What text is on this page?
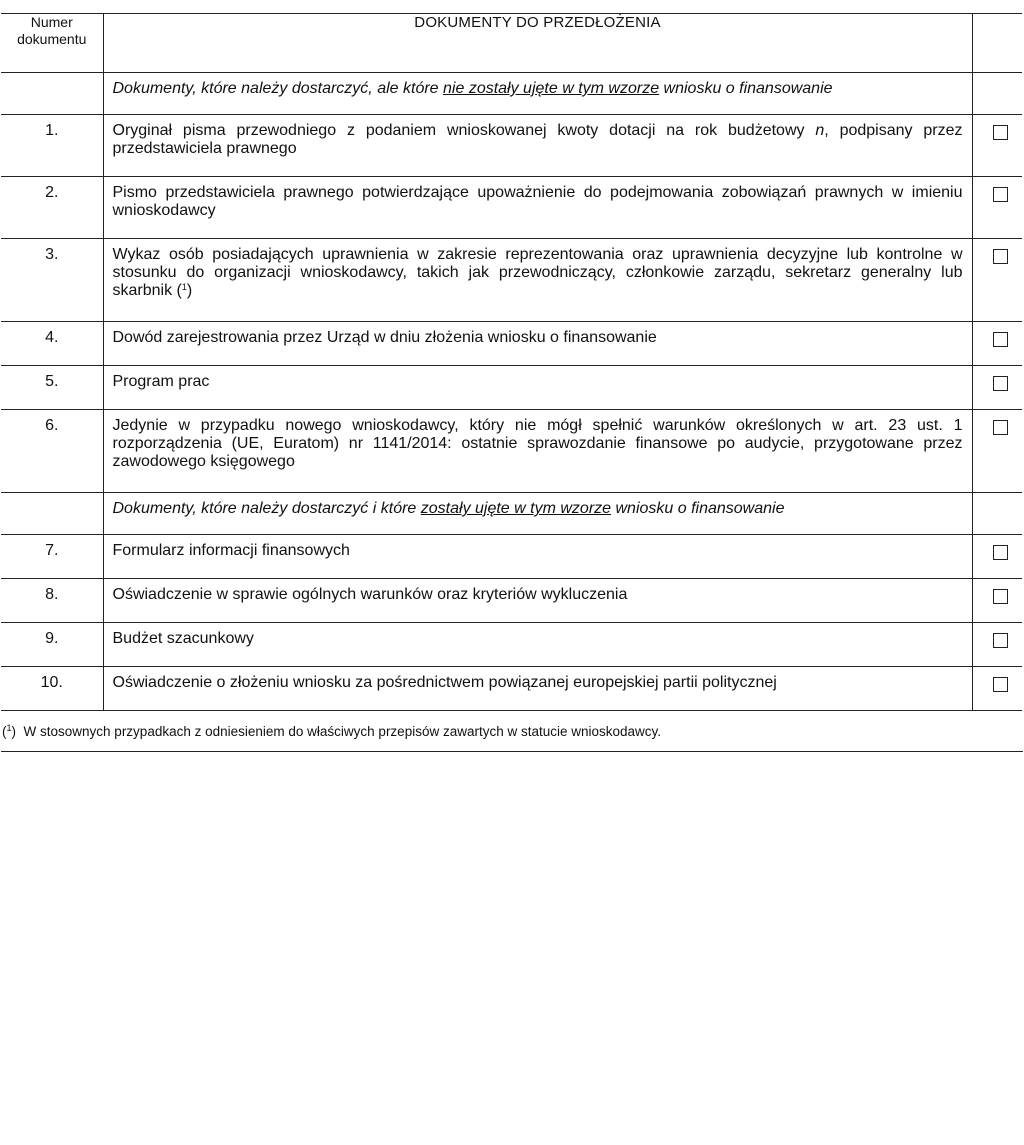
Numer
dokumentu	DOKUMENTY DO PRZEDŁOŻENIA	
	Dokumenty, które należy dostarczyć, ale które nie zostały ujęte w tym wzorze wniosku o finansowanie	
1.	Oryginał pisma przewodniego z podaniem wnioskowanej kwoty dotacji na rok budżetowy n, podpisany przez przedstawiciela prawnego	

2.	Pismo przedstawiciela prawnego potwierdzające upoważnienie do podejmowania zobowiązań prawnych w imieniu wnioskodawcy	

3.	Wykaz osób posiadających uprawnienia w zakresie reprezentowania oraz uprawnienia decyzyjne lub kontrolne w stosunku do organizacji wnioskodawcy, takich jak przewodniczący, członkowie zarządu, sekretarz generalny lub skarbnik ($^1$)	

4.	Dowód zarejestrowania przez Urząd w dniu złożenia wniosku o finansowanie	

5.	Program prac	

6.	Jedynie w przypadku nowego wnioskodawcy, który nie mógł spełnić warunków określonych w art. 23 ust. 1 rozporządzenia (UE, Euratom) nr 1141/2014: ostatnie sprawozdanie finansowe po audycie, przygotowane przez zawodowego księgowego	

	Dokumenty, które należy dostarczyć i które zostały ujęte w tym wzorze wniosku o finansowanie	
7.	Formularz informacji finansowych	

8.	Oświadczenie w sprawie ogólnych warunków oraz kryteriów wykluczenia	

9.	Budżet szacunkowy	

10.	Oświadczenie o złożeniu wniosku za pośrednictwem powiązanej europejskiej partii politycznej	
($^1$) W stosownych przypadkach z odniesieniem do właściwych przepisów zawartych w statucie wnioskodawcy.
